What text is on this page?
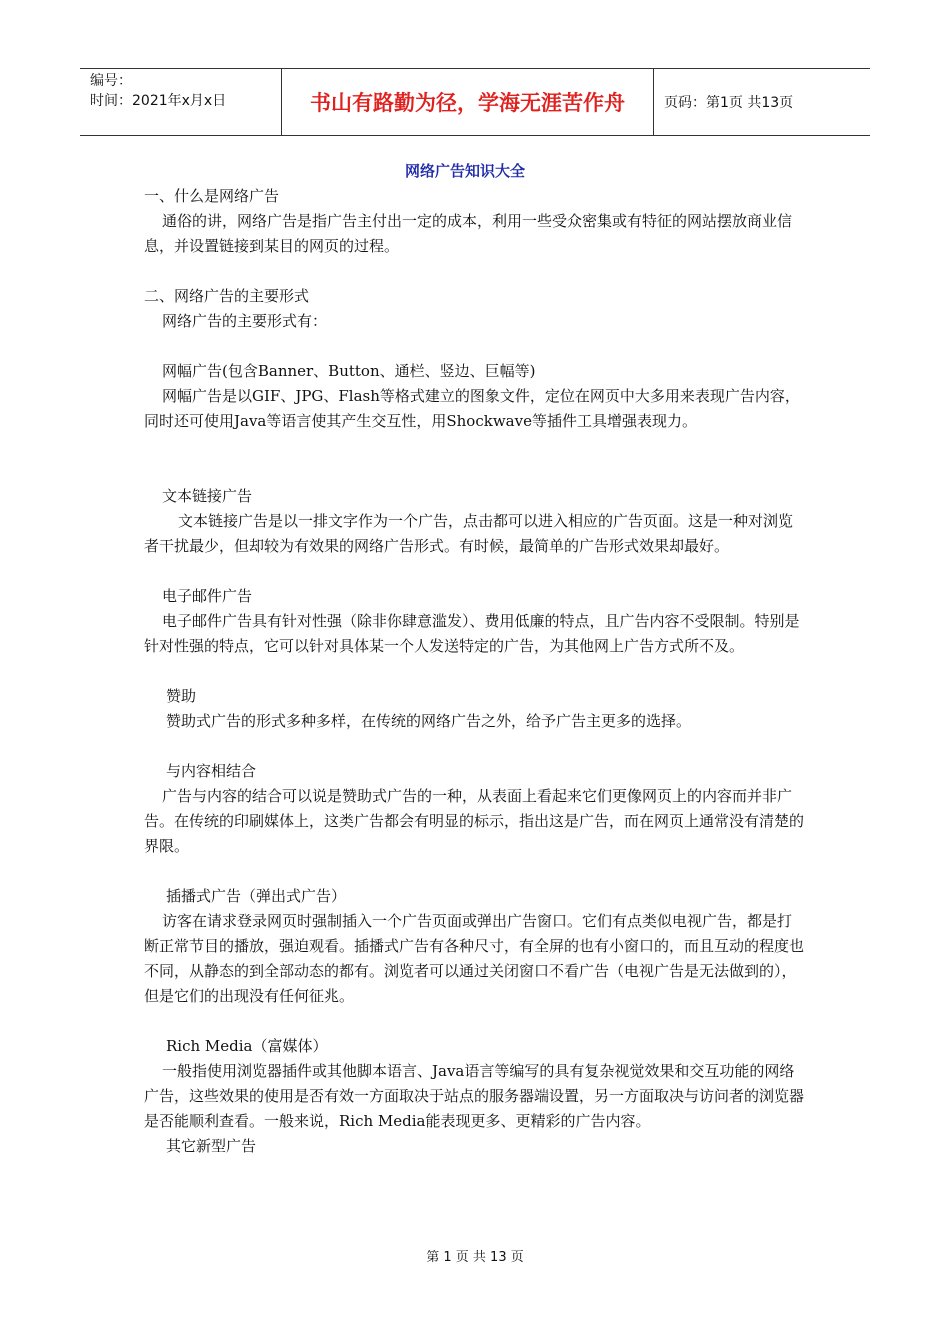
编号：
时间：2021年x月x日	书山有路勤为径，学海无涯苦作舟	页码：第1页 共13页
网络广告知识大全

一、什么是网络广告

通俗的讲，网络广告是指广告主付出一定的成本，利用一些受众密集或有特征的网站摆放商业信息，并设置链接到某目的网页的过程。

二、网络广告的主要形式

网络广告的主要形式有：

网幅广告(包含Banner、Button、通栏、竖边、巨幅等)

网幅广告是以GIF、JPG、Flash等格式建立的图象文件，定位在网页中大多用来表现广告内容，同时还可使用Java等语言使其产生交互性，用Shockwave等插件工具增强表现力。

文本链接广告

文本链接广告是以一排文字作为一个广告，点击都可以进入相应的广告页面。这是一种对浏览者干扰最少，但却较为有效果的网络广告形式。有时候，最简单的广告形式效果却最好。

电子邮件广告

电子邮件广告具有针对性强（除非你肆意滥发）、费用低廉的特点，且广告内容不受限制。特别是针对性强的特点，它可以针对具体某一个人发送特定的广告，为其他网上广告方式所不及。

赞助

赞助式广告的形式多种多样，在传统的网络广告之外，给予广告主更多的选择。

与内容相结合

广告与内容的结合可以说是赞助式广告的一种，从表面上看起来它们更像网页上的内容而并非广告。在传统的印刷媒体上，这类广告都会有明显的标示，指出这是广告，而在网页上通常没有清楚的界限。

插播式广告（弹出式广告）

访客在请求登录网页时强制插入一个广告页面或弹出广告窗口。它们有点类似电视广告，都是打断正常节目的播放，强迫观看。插播式广告有各种尺寸，有全屏的也有小窗口的，而且互动的程度也不同，从静态的到全部动态的都有。浏览者可以通过关闭窗口不看广告（电视广告是无法做到的），但是它们的出现没有任何征兆。

Rich Media（富媒体）

一般指使用浏览器插件或其他脚本语言、Java语言等编写的具有复杂视觉效果和交互功能的网络广告，这些效果的使用是否有效一方面取决于站点的服务器端设置，另一方面取决与访问者的浏览器是否能顺利查看。一般来说，Rich Media能表现更多、更精彩的广告内容。

其它新型广告

第 1 页 共 13 页
